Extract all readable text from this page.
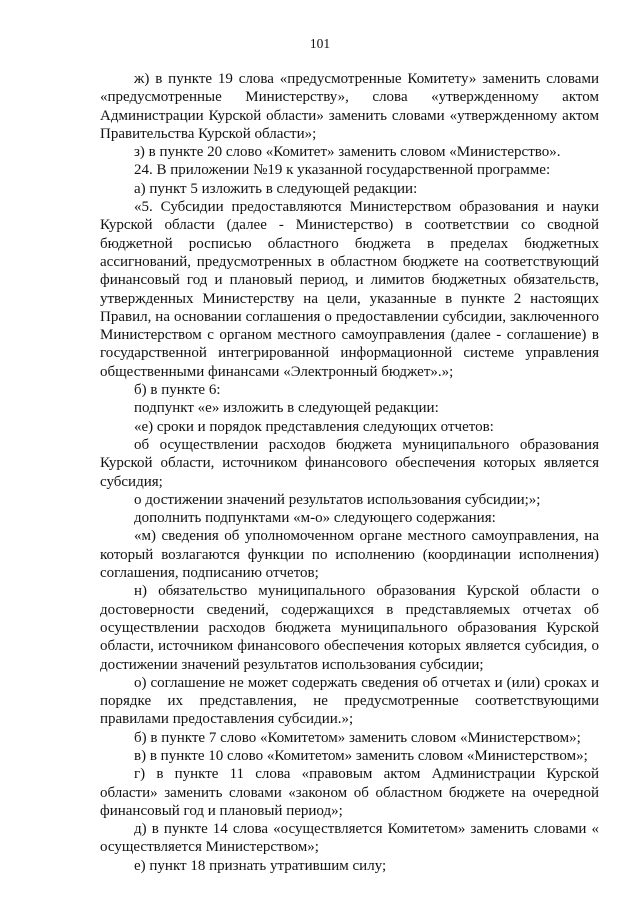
101

ж) в пункте 19 слова «предусмотренные Комитету» заменить словами «предусмотренные Министерству», слова «утвержденному актом Администрации Курской области» заменить словами «утвержденному актом Правительства Курской области»;

з) в пункте 20 слово «Комитет» заменить словом «Министерство».

24. В приложении №19 к указанной государственной программе:

а) пункт 5 изложить в следующей редакции:

«5. Субсидии предоставляются Министерством образования и науки Курской области (далее - Министерство) в соответствии со сводной бюджетной росписью областного бюджета в пределах бюджетных ассигнований, предусмотренных в областном бюджете на соответствующий финансовый год и плановый период, и лимитов бюджетных обязательств, утвержденных Министерству на цели, указанные в пункте 2 настоящих Правил, на основании соглашения о предоставлении субсидии, заключенного Министерством с органом местного самоуправления (далее - соглашение) в государственной интегрированной информационной системе управления общественными финансами «Электронный бюджет».»;

б) в пункте 6:

подпункт «е» изложить в следующей редакции:

«е) сроки и порядок представления следующих отчетов:

об осуществлении расходов бюджета муниципального образования Курской области, источником финансового обеспечения которых является субсидия;

о достижении значений результатов использования субсидии;»;

дополнить подпунктами «м-о» следующего содержания:

«м) сведения об уполномоченном органе местного самоуправления, на который возлагаются функции по исполнению (координации исполнения) соглашения, подписанию отчетов;

н) обязательство муниципального образования Курской области о достоверности сведений, содержащихся в представляемых отчетах об осуществлении расходов бюджета муниципального образования Курской области, источником финансового обеспечения которых является субсидия, о достижении значений результатов использования субсидии;

о) соглашение не может содержать сведения об отчетах и (или) сроках и порядке их представления, не предусмотренные соответствующими правилами предоставления субсидии.»;

б) в пункте 7 слово «Комитетом» заменить словом «Министерством»;

в) в пункте 10 слово «Комитетом» заменить словом «Министерством»;

г) в пункте 11 слова «правовым актом Администрации Курской области» заменить словами «законом об областном бюджете на очередной финансовый год и плановый период»;

д) в пункте 14 слова «осуществляется Комитетом» заменить словами « осуществляется Министерством»;

е) пункт 18 признать утратившим силу;
